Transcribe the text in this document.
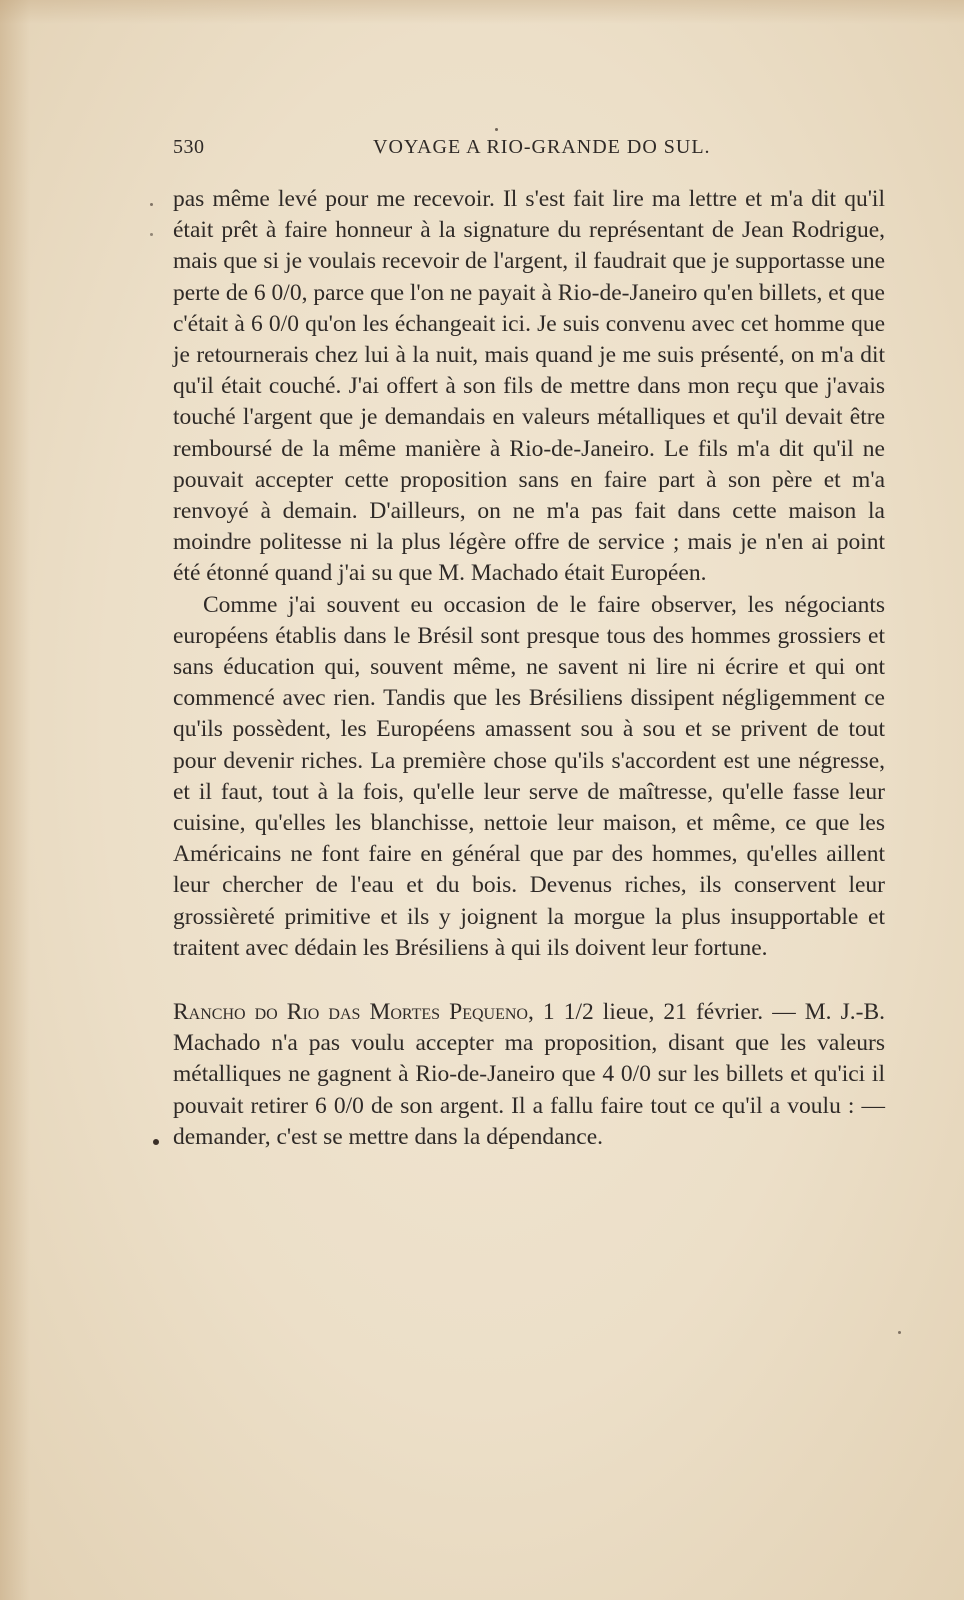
530	VOYAGE A RIO-GRANDE DO SUL.

pas même levé pour me recevoir. Il s'est fait lire ma lettre et m'a dit qu'il était prêt à faire honneur à la signature du représentant de Jean Rodrigue, mais que si je voulais recevoir de l'argent, il faudrait que je supportasse une perte de 6 0/0, parce que l'on ne payait à Rio-de-Janeiro qu'en billets, et que c'était à 6 0/0 qu'on les échangeait ici. Je suis convenu avec cet homme que je retournerais chez lui à la nuit, mais quand je me suis présenté, on m'a dit qu'il était couché. J'ai offert à son fils de mettre dans mon reçu que j'avais touché l'argent que je demandais en valeurs métalliques et qu'il devait être remboursé de la même manière à Rio-de-Janeiro. Le fils m'a dit qu'il ne pouvait accepter cette proposition sans en faire part à son père et m'a renvoyé à demain. D'ailleurs, on ne m'a pas fait dans cette maison la moindre politesse ni la plus légère offre de service ; mais je n'en ai point été étonné quand j'ai su que M. Machado était Européen.

Comme j'ai souvent eu occasion de le faire observer, les négociants européens établis dans le Brésil sont presque tous des hommes grossiers et sans éducation qui, souvent même, ne savent ni lire ni écrire et qui ont commencé avec rien. Tandis que les Brésiliens dissipent négligemment ce qu'ils possèdent, les Européens amassent sou à sou et se privent de tout pour devenir riches. La première chose qu'ils s'accordent est une négresse, et il faut, tout à la fois, qu'elle leur serve de maîtresse, qu'elle fasse leur cuisine, qu'elles les blanchisse, nettoie leur maison, et même, ce que les Américains ne font faire en général que par des hommes, qu'elles aillent leur chercher de l'eau et du bois. Devenus riches, ils conservent leur grossièreté primitive et ils y joignent la morgue la plus insupportable et traitent avec dédain les Brésiliens à qui ils doivent leur fortune.

Rancho do Rio das Mortes Pequeno, 1 1/2 lieue, 21 février. — M. J.-B. Machado n'a pas voulu accepter ma proposition, disant que les valeurs métalliques ne gagnent à Rio-de-Janeiro que 4 0/0 sur les billets et qu'ici il pouvait retirer 6 0/0 de son argent. Il a fallu faire tout ce qu'il a voulu : — demander, c'est se mettre dans la dépendance.
